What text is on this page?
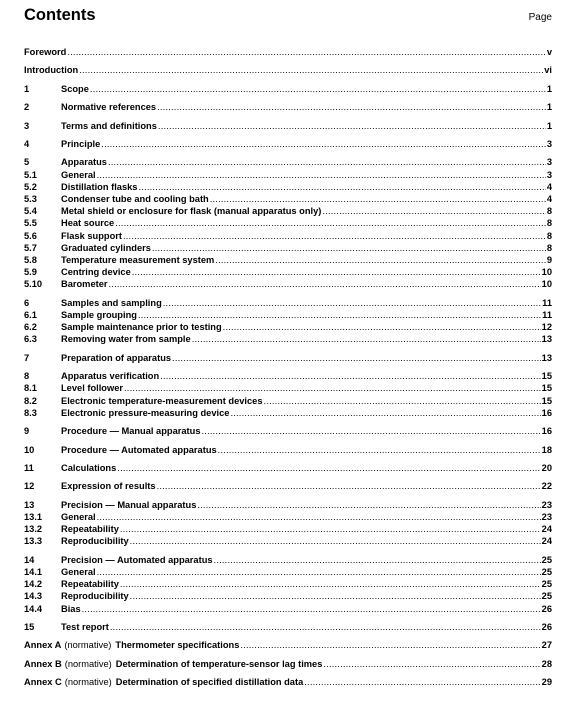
Contents	Page
Foreword .....	v
Introduction .....	vi
1	Scope .....	1
2	Normative references .....	1
3	Terms and definitions .....	1
4	Principle .....	3
5	Apparatus .....	3
5.1	General .....	3
5.2	Distillation flasks .....	4
5.3	Condenser tube and cooling bath .....	4
5.4	Metal shield or enclosure for flask (manual apparatus only) .....	8
5.5	Heat source .....	8
5.6	Flask support .....	8
5.7	Graduated cylinders .....	8
5.8	Temperature measurement system .....	9
5.9	Centring device .....	10
5.10	Barometer .....	10
6	Samples and sampling .....	11
6.1	Sample grouping .....	11
6.2	Sample maintenance prior to testing .....	12
6.3	Removing water from sample .....	13
7	Preparation of apparatus .....	13
8	Apparatus verification .....	15
8.1	Level follower .....	15
8.2	Electronic temperature-measurement devices .....	15
8.3	Electronic pressure-measuring device .....	16
9	Procedure — Manual apparatus .....	16
10	Procedure — Automated apparatus .....	18
11	Calculations .....	20
12	Expression of results .....	22
13	Precision — Manual apparatus .....	23
13.1	General .....	23
13.2	Repeatability .....	24
13.3	Reproducibility .....	24
14	Precision — Automated apparatus .....	25
14.1	General .....	25
14.2	Repeatability .....	25
14.3	Reproducibility .....	25
14.4	Bias .....	26
15	Test report .....	26
Annex A (normative) Thermometer specifications .....	27
Annex B (normative) Determination of temperature-sensor lag times .....	28
Annex C (normative) Determination of specified distillation data .....	29
